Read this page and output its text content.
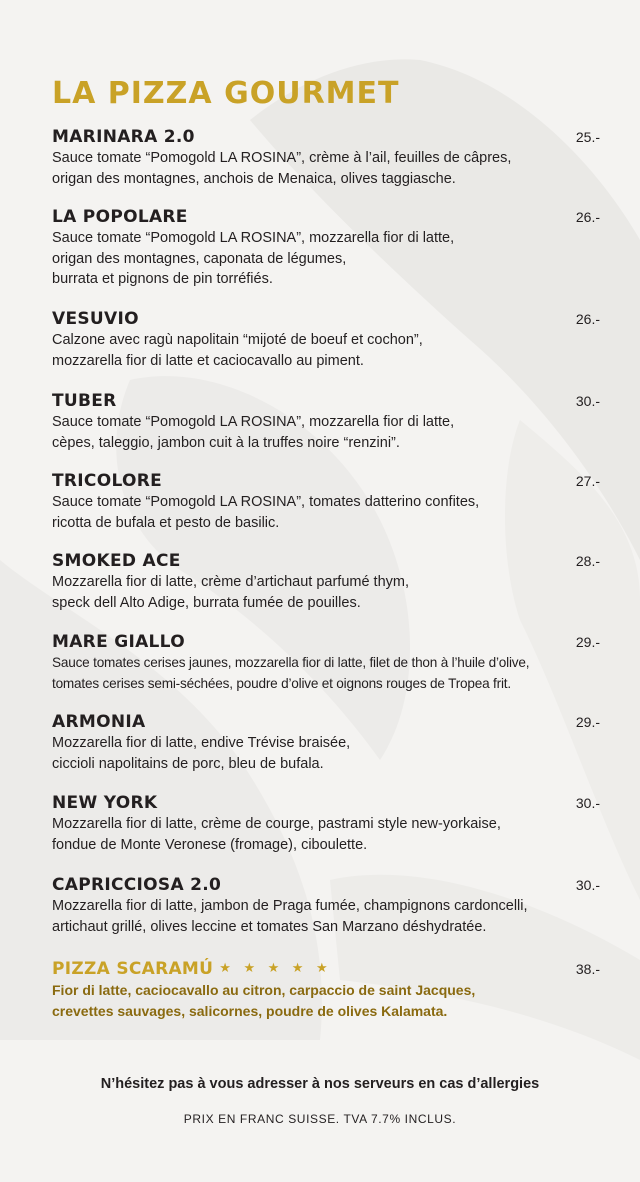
LA PIZZA GOURMET
MARINARA 2.0	25.-
Sauce tomate “Pomogold LA ROSINA”, crème à l’ail, feuilles de câpres,
origan des montagnes, anchois de Menaica, olives taggiasche.
LA POPOLARE	26.-
Sauce tomate “Pomogold LA ROSINA”, mozzarella fior di latte,
origan des montagnes, caponata de légumes,
burrata et pignons de pin torréfiés.
VESUVIO	26.-
Calzone avec ragù napolitain “mijoté de boeuf et cochon”,
mozzarella fior di latte et caciocavallo au piment.
TUBER	30.-
Sauce tomate “Pomogold LA ROSINA”, mozzarella fior di latte,
cèpes, taleggio, jambon cuit à la truffes noire “renzini”.
TRICOLORE	27.-
Sauce tomate “Pomogold LA ROSINA”, tomates datterino confites,
ricotta de bufala et pesto de basilic.
SMOKED ACE	28.-
Mozzarella fior di latte, crème d’artichaut parfumé thym,
speck dell Alto Adige, burrata fumée de pouilles.
MARE GIALLO	29.-
Sauce tomates cerises jaunes, mozzarella fior di latte, filet de thon à l’huile d’olive,
tomates cerises semi-séchées, poudre d’olive et oignons rouges de Tropea frit.
ARMONIA	29.-
Mozzarella fior di latte, endive Trévise braisée,
ciccioli napolitains de porc, bleu de bufala.
NEW YORK	30.-
Mozzarella fior di latte, crème de courge, pastrami style new-yorkaise,
fondue de Monte Veronese (fromage), ciboulette.
CAPRICCIOSA 2.0	30.-
Mozzarella fior di latte, jambon de Praga fumée, champignons cardoncelli,
artichaut grillé, olives leccine et tomates San Marzano déshydratée.
PIZZA SCARAMÚ ★ ★ ★ ★ ★	38.-
Fior di latte, caciocavallo au citron, carpaccio de saint Jacques,
crevettes sauvages, salicornes, poudre de olives Kalamata.
N’hésitez pas à vous adresser à nos serveurs en cas d’allergies
PRIX EN FRANC SUISSE. TVA 7.7% INCLUS.
